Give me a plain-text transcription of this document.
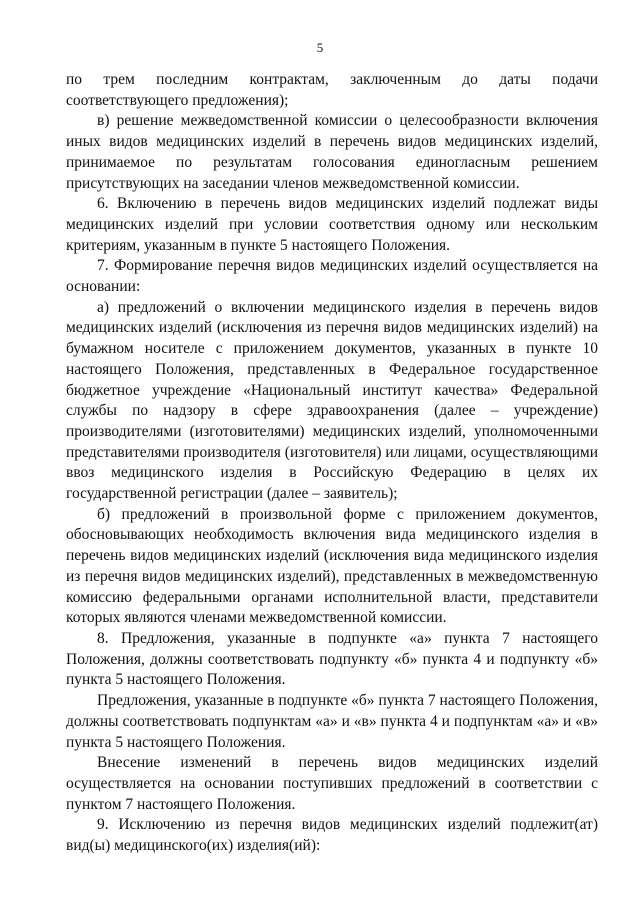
5

по трем последним контрактам, заключенным до даты подачи соответствующего предложения);

в) решение межведомственной комиссии о целесообразности включения иных видов медицинских изделий в перечень видов медицинских изделий, принимаемое по результатам голосования единогласным решением присутствующих на заседании членов межведомственной комиссии.

6. Включению в перечень видов медицинских изделий подлежат виды медицинских изделий при условии соответствия одному или нескольким критериям, указанным в пункте 5 настоящего Положения.

7. Формирование перечня видов медицинских изделий осуществляется на основании:

а) предложений о включении медицинского изделия в перечень видов медицинских изделий (исключения из перечня видов медицинских изделий) на бумажном носителе с приложением документов, указанных в пункте 10 настоящего Положения, представленных в Федеральное государственное бюджетное учреждение «Национальный институт качества» Федеральной службы по надзору в сфере здравоохранения (далее – учреждение) производителями (изготовителями) медицинских изделий, уполномоченными представителями производителя (изготовителя) или лицами, осуществляющими ввоз медицинского изделия в Российскую Федерацию в целях их государственной регистрации (далее – заявитель);

б) предложений в произвольной форме с приложением документов, обосновывающих необходимость включения вида медицинского изделия в перечень видов медицинских изделий (исключения вида медицинского изделия из перечня видов медицинских изделий), представленных в межведомственную комиссию федеральными органами исполнительной власти, представители которых являются членами межведомственной комиссии.

8. Предложения, указанные в подпункте «а» пункта 7 настоящего Положения, должны соответствовать подпункту «б» пункта 4 и подпункту «б» пункта 5 настоящего Положения.

Предложения, указанные в подпункте «б» пункта 7 настоящего Положения, должны соответствовать подпунктам «а» и «в» пункта 4 и подпунктам «а» и «в» пункта 5 настоящего Положения.

Внесение изменений в перечень видов медицинских изделий осуществляется на основании поступивших предложений в соответствии с пунктом 7 настоящего Положения.

9. Исключению из перечня видов медицинских изделий подлежит(ат) вид(ы) медицинского(их) изделия(ий):
